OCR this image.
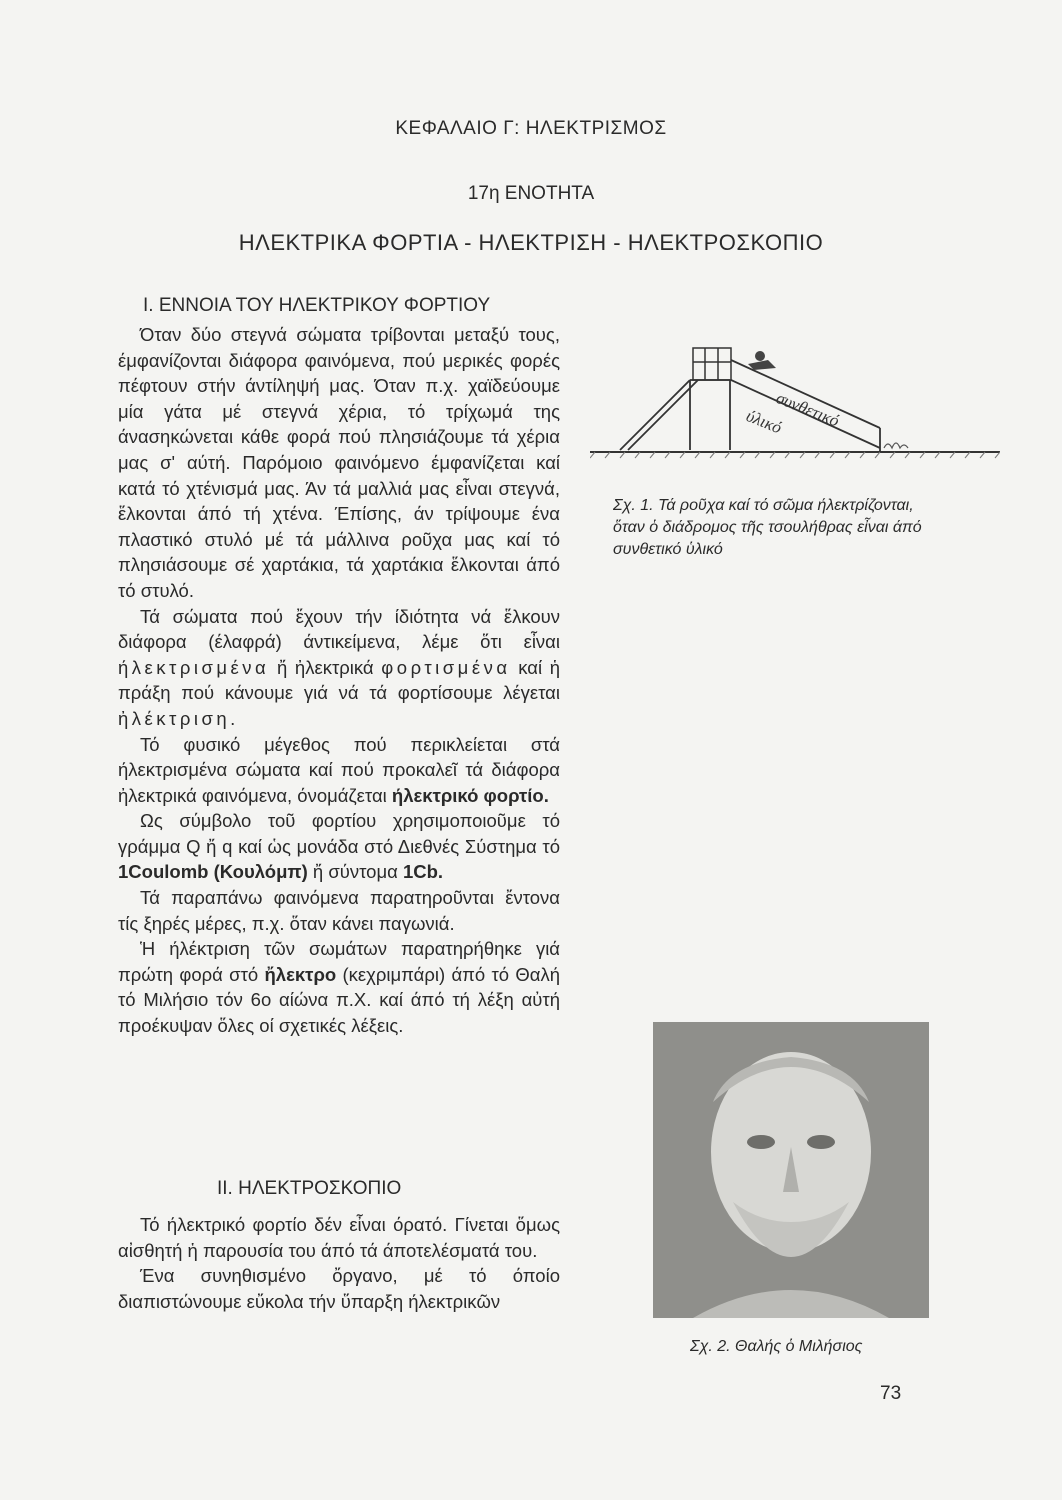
ΚΕΦΑΛΑΙΟ Γ: ΗΛΕΚΤΡΙΣΜΟΣ
17η ΕΝΟΤΗΤΑ
ΗΛΕΚΤΡΙΚΑ ΦΟΡΤΙΑ - ΗΛΕΚΤΡΙΣΗ - ΗΛΕΚΤΡΟΣΚΟΠΙΟ
Ι. ΕΝΝΟΙΑ ΤΟΥ ΗΛΕΚΤΡΙΚΟΥ ΦΟΡΤΙΟΥ

Όταν δύο στεγνά σώματα τρίβονται μεταξύ τους, έμφανίζονται διάφορα φαινόμενα, πού μερικές φορές πέφτουν στήν άντίληψή μας. Όταν π.χ. χαϊδεύουμε μία γάτα μέ στεγνά χέρια, τό τρίχωμά της άνασηκώνεται κάθε φορά πού πλησιάζουμε τά χέρια μας σ' αύτή. Παρόμοιο φαινόμενο έμφανίζεται καί κατά τό χτένισμά μας. Άν τά μαλλιά μας εἶναι στεγνά, ἕλκονται άπό τή χτένα. Έπίσης, άν τρίψουμε ένα πλαστικό στυλό μέ τά μάλλινα ροῦχα μας καί τό πλησιάσουμε σέ χαρτάκια, τά χαρτάκια ἕλκονται άπό τό στυλό.

Τά σώματα πού ἔχουν τήν ίδιότητα νά ἕλκουν διάφορα (έλαφρά) άντικείμενα, λέμε ὅτι εἶναι ήλεκτρισμένα ἤ ἠλεκτρικά φορτισμένα καί ἡ πράξη πού κάνουμε γιά νά τά φορτίσουμε λέγεται ἠλέκτριση.

Τό φυσικό μέγεθος πού περικλείεται στά ήλεκτρισμένα σώματα καί πού προκαλεῖ τά διάφορα ἠλεκτρικά φαινόμενα, όνομάζεται ήλεκτρικό φορτίο.

Ως σύμβολο τοῦ φορτίου χρησιμοποιοῦμε τό γράμμα Q ἤ q καί ὡς μονάδα στό Διεθνές Σύστημα τό 1Coulomb (Κουλόμπ) ἤ σύντομα 1Cb.

Τά παραπάνω φαινόμενα παρατηροῦνται ἔντονα τίς ξηρές μέρες, π.χ. ὅταν κάνει παγωνιά.

Ἡ ήλέκτριση τῶν σωμάτων παρατηρήθηκε γιά πρώτη φορά στό ἤλεκτρο (κεχριμπάρι) άπό τό Θαλή τό Μιλήσιο τόν 6ο αίώνα π.Χ. καί άπό τή λέξη αὐτή προέκυψαν ὅλες οί σχετικές λέξεις.

ΙΙ. ΗΛΕΚΤΡΟΣΚΟΠΙΟ

Τό ήλεκτρικό φορτίο δέν εἶναι όρατό. Γίνεται ὅμως αἰσθητή ἡ παρουσία του άπό τά άποτελέσματά του.

Ένα συνηθισμένο ὄργανο, μέ τό όποίο διαπιστώνουμε εὔκολα τήν ὕπαρξη ήλεκτρικῶν

συνθετικό
ύλικό
Σχ. 1. Τά ροῦχα καί τό σῶμα ήλεκτρίζονται, ὅταν ὁ διάδρομος τῆς τσουλήθρας εἶναι άπό συνθετικό ὑλικό
Σχ. 2. Θαλής ὁ Μιλήσιος
73
